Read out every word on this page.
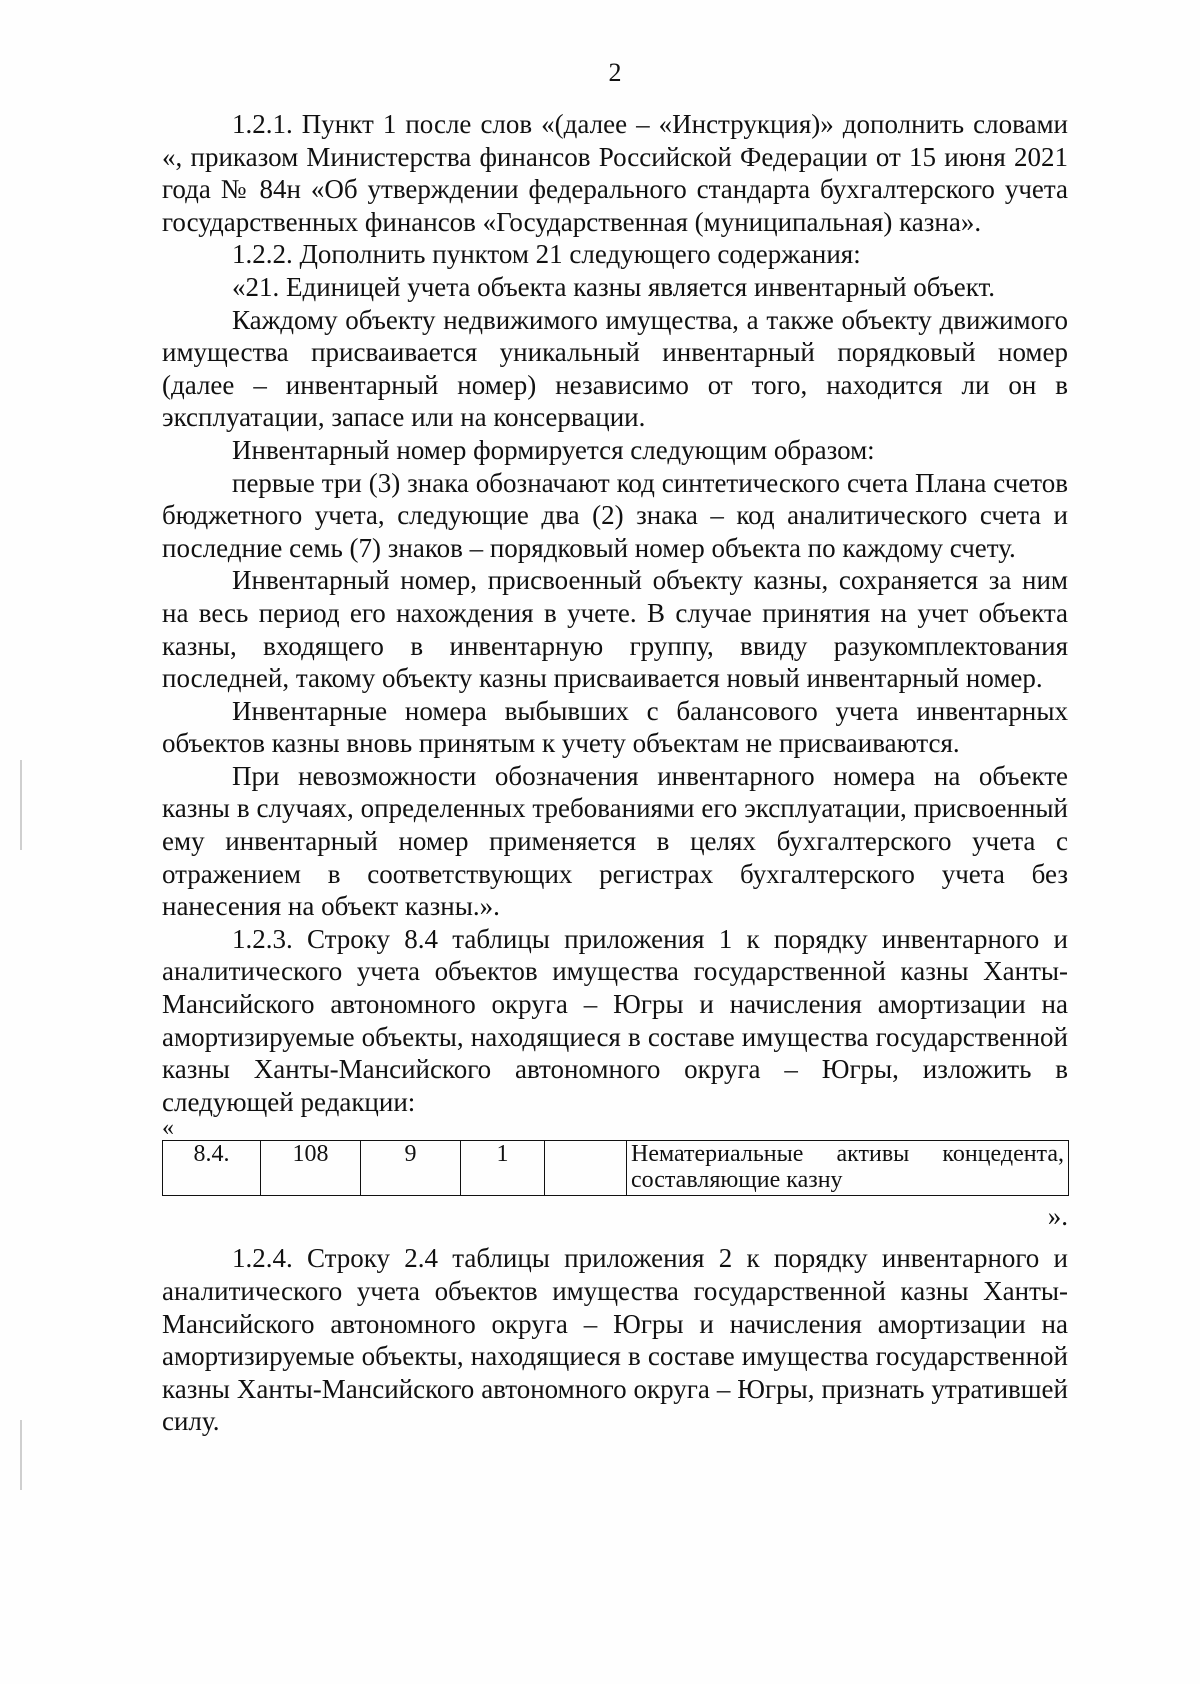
2

1.2.1. Пункт 1 после слов «(далее – «Инструкция)» дополнить словами «, приказом Министерства финансов Российской Федерации от 15 июня 2021 года № 84н «Об утверждении федерального стандарта бухгалтерского учета государственных финансов «Государственная (муниципальная) казна».

1.2.2. Дополнить пунктом 21 следующего содержания:

«21. Единицей учета объекта казны является инвентарный объект.

Каждому объекту недвижимого имущества, а также объекту движимого имущества присваивается уникальный инвентарный порядковый номер (далее – инвентарный номер) независимо от того, находится ли он в эксплуатации, запасе или на консервации.

Инвентарный номер формируется следующим образом:

первые три (3) знака обозначают код синтетического счета Плана счетов бюджетного учета, следующие два (2) знака – код аналитического счета и последние семь (7) знаков – порядковый номер объекта по каждому счету.

Инвентарный номер, присвоенный объекту казны, сохраняется за ним на весь период его нахождения в учете. В случае принятия на учет объекта казны, входящего в инвентарную группу, ввиду разукомплектования последней, такому объекту казны присваивается новый инвентарный номер.

Инвентарные номера выбывших с балансового учета инвентарных объектов казны вновь принятым к учету объектам не присваиваются.

При невозможности обозначения инвентарного номера на объекте казны в случаях, определенных требованиями его эксплуатации, присвоенный ему инвентарный номер применяется в целях бухгалтерского учета с отражением в соответствующих регистрах бухгалтерского учета без нанесения на объект казны.».

1.2.3. Строку 8.4 таблицы приложения 1 к порядку инвентарного и аналитического учета объектов имущества государственной казны Ханты-Мансийского автономного округа – Югры и начисления амортизации на амортизируемые объекты, находящиеся в составе имущества государственной казны Ханты-Мансийского автономного округа – Югры, изложить в следующей редакции:

«

8.4.	108	9	1		Нематериальные активы концедента, составляющие казну

».

1.2.4. Строку 2.4 таблицы приложения 2 к порядку инвентарного и аналитического учета объектов имущества государственной казны Ханты-Мансийского автономного округа – Югры и начисления амортизации на амортизируемые объекты, находящиеся в составе имущества государственной казны Ханты-Мансийского автономного округа – Югры, признать утратившей силу.
